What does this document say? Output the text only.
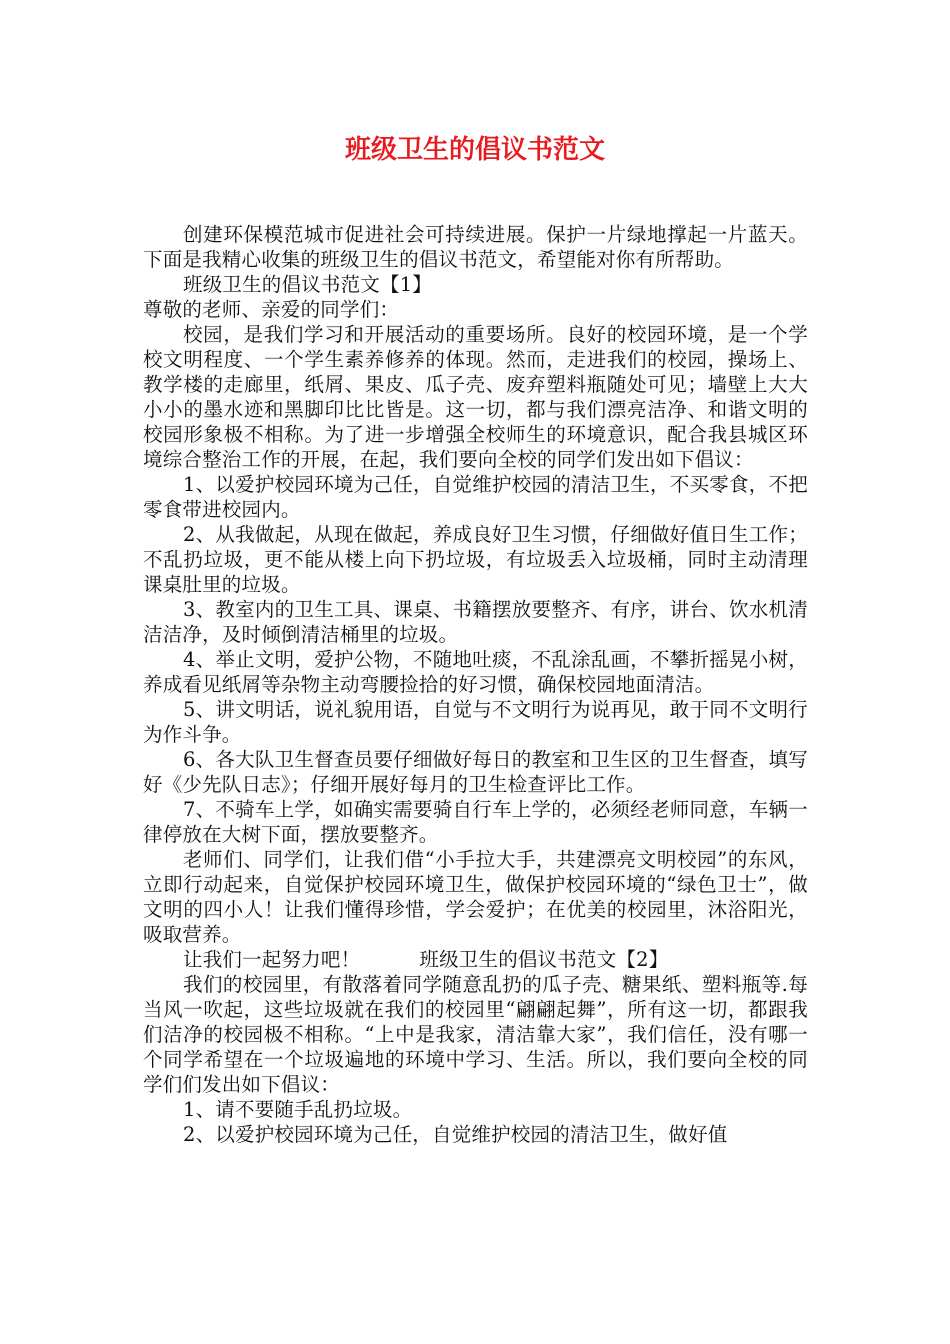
班级卫生的倡议书范文

创建环保模范城市促进社会可持续进展。保护一片绿地撑起一片蓝天。下面是我精心收集的班级卫生的倡议书范文，希望能对你有所帮助。

班级卫生的倡议书范文【1】

尊敬的老师、亲爱的同学们：

校园，是我们学习和开展活动的重要场所。良好的校园环境，是一个学校文明程度、一个学生素养修养的体现。然而，走进我们的校园，操场上、教学楼的走廊里，纸屑、果皮、瓜子壳、废弃塑料瓶随处可见；墙壁上大大小小的墨水迹和黑脚印比比皆是。这一切，都与我们漂亮洁净、和谐文明的校园形象极不相称。为了进一步增强全校师生的环境意识，配合我县城区环境综合整治工作的开展，在起，我们要向全校的同学们发出如下倡议：

1、以爱护校园环境为己任，自觉维护校园的清洁卫生，不买零食，不把零食带进校园内。

2、从我做起，从现在做起，养成良好卫生习惯，仔细做好值日生工作；不乱扔垃圾，更不能从楼上向下扔垃圾，有垃圾丢入垃圾桶，同时主动清理课桌肚里的垃圾。

3、教室内的卫生工具、课桌、书籍摆放要整齐、有序，讲台、饮水机清洁洁净，及时倾倒清洁桶里的垃圾。

4、举止文明，爱护公物，不随地吐痰，不乱涂乱画，不攀折摇晃小树，养成看见纸屑等杂物主动弯腰捡拾的好习惯，确保校园地面清洁。

5、讲文明话，说礼貌用语，自觉与不文明行为说再见，敢于同不文明行为作斗争。

6、各大队卫生督查员要仔细做好每日的教室和卫生区的卫生督查，填写好《少先队日志》；仔细开展好每月的卫生检查评比工作。

7、不骑车上学，如确实需要骑自行车上学的，必须经老师同意，车辆一律停放在大树下面，摆放要整齐。

老师们、同学们，让我们借“小手拉大手，共建漂亮文明校园”的东风，立即行动起来，自觉保护校园环境卫生，做保护校园环境的“绿色卫士”，做文明的四小人！让我们懂得珍惜，学会爱护；在优美的校园里，沐浴阳光，吸取营养。

让我们一起努力吧！　　　班级卫生的倡议书范文【2】

我们的校园里，有散落着同学随意乱扔的瓜子壳、糖果纸、塑料瓶等.每当风一吹起，这些垃圾就在我们的校园里“翩翩起舞”，所有这一切，都跟我们洁净的校园极不相称。“上中是我家，清洁靠大家”，我们信任，没有哪一个同学希望在一个垃圾遍地的环境中学习、生活。所以，我们要向全校的同学们们发出如下倡议：

1、请不要随手乱扔垃圾。

2、以爱护校园环境为己任，自觉维护校园的清洁卫生，做好值
